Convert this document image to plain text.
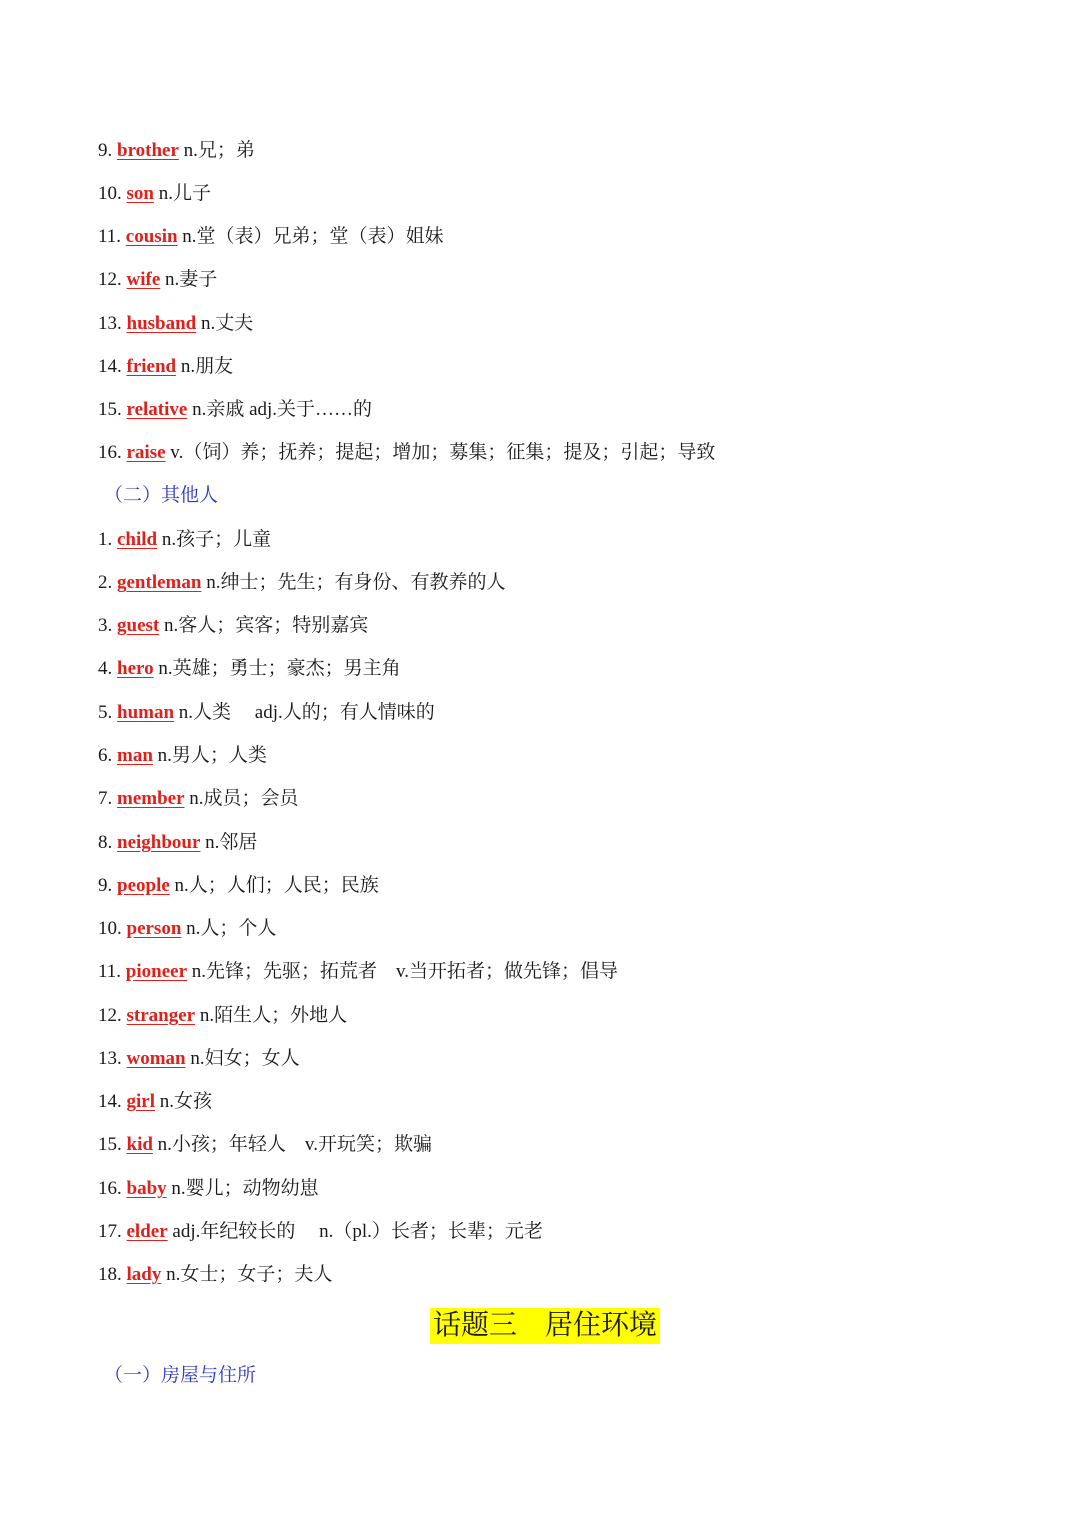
9. brother n.兄；弟
10. son n.儿子
11. cousin n.堂（表）兄弟；堂（表）姐妹
12. wife n.妻子
13. husband n.丈夫
14. friend n.朋友
15. relative n.亲戚 adj.关于……的
16. raise v.（饲）养；抚养；提起；增加；募集；征集；提及；引起；导致
（二）其他人
1. child n.孩子；儿童
2. gentleman n.绅士；先生；有身份、有教养的人
3. guest n.客人；宾客；特别嘉宾
4. hero n.英雄；勇士；豪杰；男主角
5. human n.人类　 adj.人的；有人情味的
6. man n.男人；人类
7. member n.成员；会员
8. neighbour n.邻居
9. people n.人；人们；人民；民族
10. person n.人；个人
11. pioneer n.先锋；先驱；拓荒者　v.当开拓者；做先锋；倡导
12. stranger n.陌生人；外地人
13. woman n.妇女；女人
14. girl n.女孩
15. kid n.小孩；年轻人　v.开玩笑；欺骗
16. baby n.婴儿；动物幼崽
17. elder adj.年纪较长的　 n.（pl.）长者；长辈；元老
18. lady n.女士；女子；夫人
话题三　居住环境
（一）房屋与住所
